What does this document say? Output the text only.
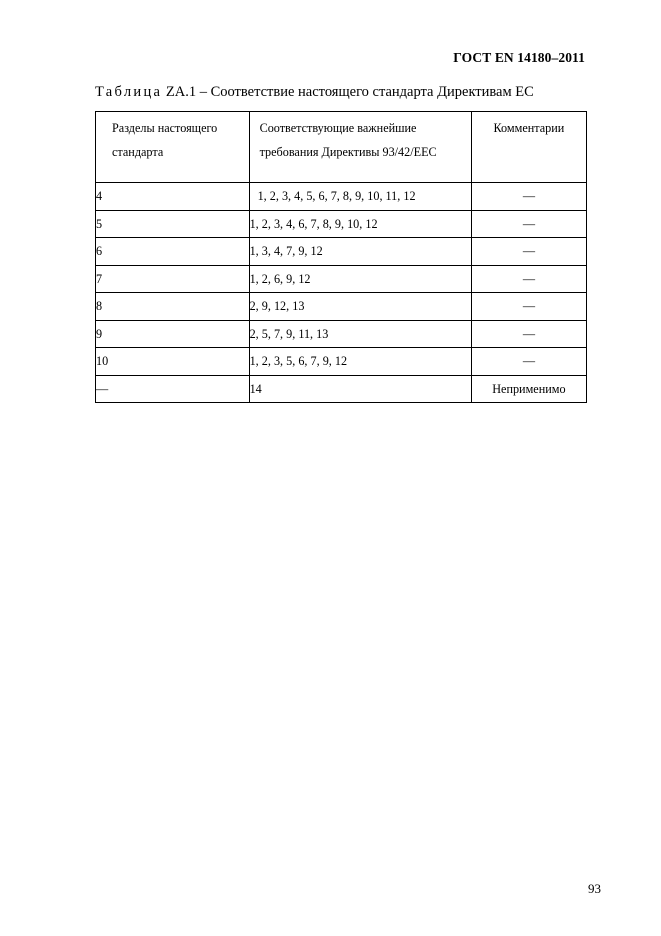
ГОСТ EN 14180–2011
Таблица ZA.1 – Соответствие настоящего стандарта Директивам ЕС
Разделы настоящего стандарта	Соответствующие важнейшие требования Директивы 93/42/EEC	Комментарии

4	1, 2, 3, 4, 5, 6, 7, 8, 9, 10, 11, 12	—
5	1, 2, 3, 4, 6, 7, 8, 9, 10, 12	—
6	1, 3, 4, 7, 9, 12	—
7	1, 2, 6, 9, 12	—
8	2, 9, 12, 13	—
9	2, 5, 7, 9, 11, 13	—
10	1, 2, 3, 5, 6, 7, 9, 12	—
—	14	Неприменимо
93
